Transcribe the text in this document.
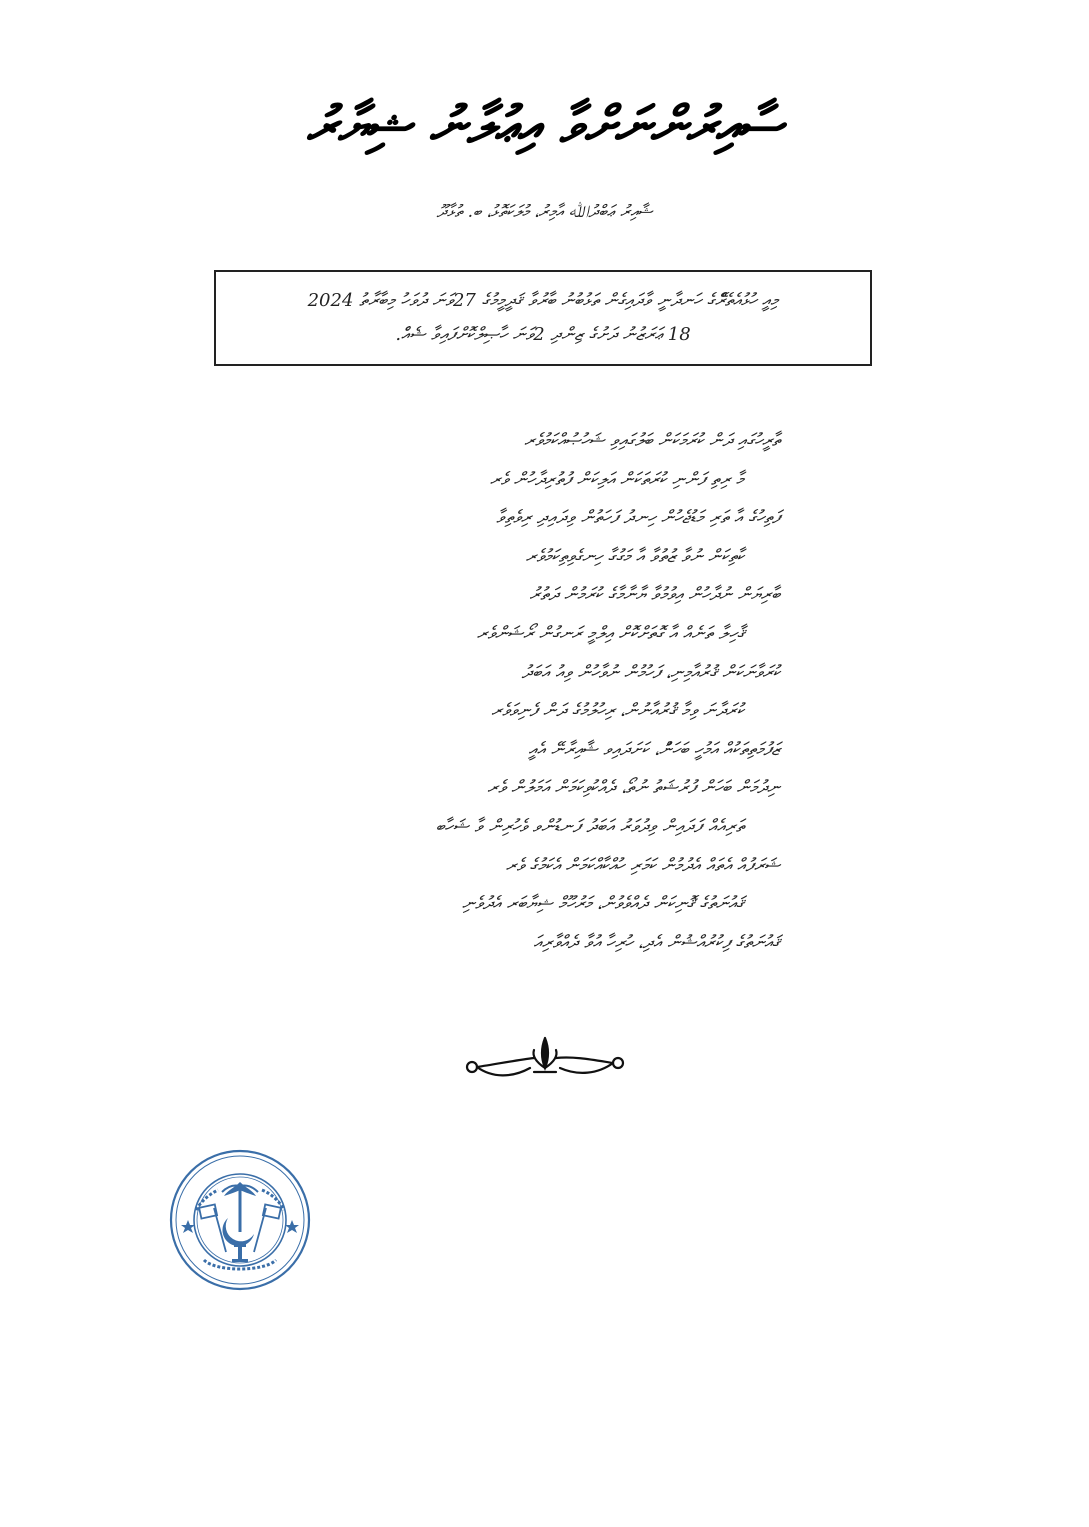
ސާއިރުންނަށްވާ އިޢުލާނު ޝިޔާރު
ޝާއިރު ޢަބްދުﷲ އާމިރު، މުލަކަތޮޅު، ބ. ތުޅާދޫ
މިއީ ހުޅުއެތެރެޭގެ ހަނދާނީ ވާދައިގެން ތަޅުބުނު ބާރުވާ ޤަދީމީމުގެ 27ވަނަ ދުވަހު މިބާރާތު 2024
18 ޢަރަޒުނު ދަށުގެ ޒިންދި 2ވަނަ ހާޞިލްކޮށްފައިވާ ޝެއެް.
ތާރީހުގައި ދަން ކުރަމަކަން ބަލުގައިވި ޝަހުޞުއްކަމުވެރ
މާ ރިތި ފަންނި ކުރަތަކަން އަލިކަން ފުތުރިދާހުން ވެރ
ފަތިހުގެ އާ ތަރި މަޑުޖެހުން ހިނދު ފަހަތުން ވިދައިދި ރިވެތިވާ
ކާތިކަން ނުވާ ޒުތުވާ އާ މަގުގާ ހިނގެވިތިކަމުވެރ
ބާރިޔަން ނުދާހުން އިވުމުވާ ޔާނާމާގެ ކުރަމުން ދަތުރު
ޤާހިލާ ތަނެއް އާ ގޮތަށްކޮށް އިލްމީ ރަނގުން ރޯޝަންވެރ
ކުރަވާނަކަން ޤުރުއާމިނި، ފަހުމުން ނުވާހުން ވިއު އަބަދު
ކުރަދާނަ ވިމާ ޤުރުއާނުން، ރިހުލުމުގެ ދަން ފެނިވަވެރ
ޒަފުމަތިތަކުއް އަމުހީ ބަހަނުް، ކަށަދައިވ ޝާއިރާނޭ އެއީ
ނިދުމަން ބަހަން ފުރުޝަތު ނުތޯ، ދެއްކުވިކަމަން އަމަލުން ވެރ
ތަރިއެއް ފަދައިން ވިދުވަރު އަބަދު ފަނޑުންވ ވެހުރިން ވާ ޝަހާބ
ޝަރަފުއް އެތައް އެދުމުން ކަމަރި ހުއްކާއްކަމަން އެކަމުގެ ވެރ
ޤައުނަތުގެ ޤޮނިކަން ދެއްވެވުން، މަރުހޫމް ޝިޔާބަރ އެދުވެނި
ޤައުނަތުގެ ފިކުރުއްޝުން އެދި، ހުރިހާ އުވާ ދެއްވާރިއަ
